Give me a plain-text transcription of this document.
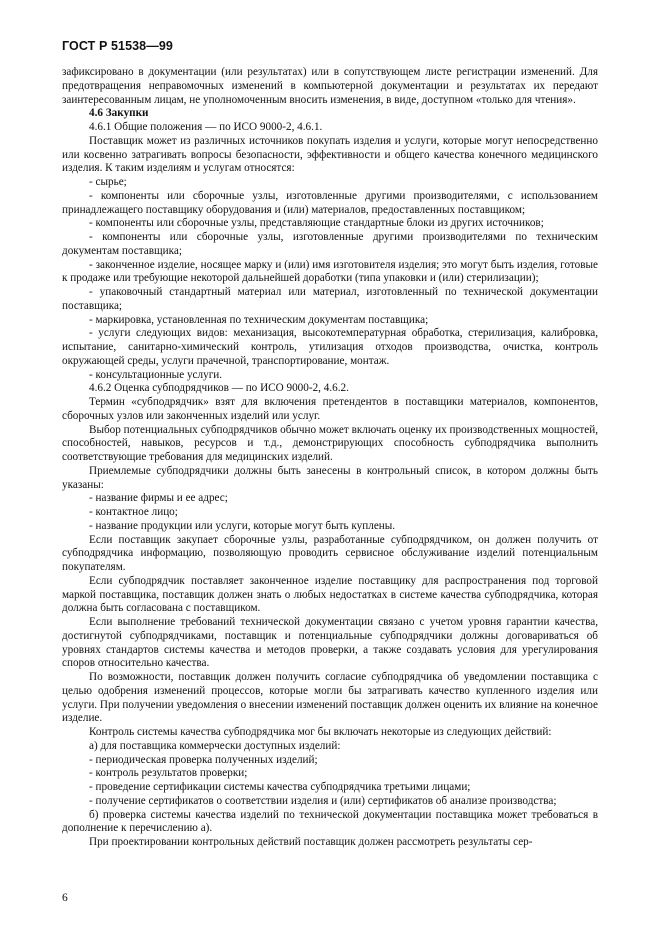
ГОСТ Р 51538—99

зафиксировано в документации (или результатах) или в сопутствующем листе регистрации изменений. Для предотвращения неправомочных изменений в компьютерной документации и результатах их передают заинтересованным лицам, не уполномоченным вносить изменения, в виде, доступном «только для чтения».

4.6 Закупки

4.6.1 Общие положения — по ИСО 9000-2, 4.6.1.

Поставщик может из различных источников покупать изделия и услуги, которые могут непосредственно или косвенно затрагивать вопросы безопасности, эффективности и общего качества конечного медицинского изделия. К таким изделиям и услугам относятся:

- сырье;

- компоненты или сборочные узлы, изготовленные другими производителями, с использованием принадлежащего поставщику оборудования и (или) материалов, предоставленных поставщиком;

- компоненты или сборочные узлы, представляющие стандартные блоки из других источников;

- компоненты или сборочные узлы, изготовленные другими производителями по техническим документам поставщика;

- законченное изделие, носящее марку и (или) имя изготовителя изделия; это могут быть изделия, готовые к продаже или требующие некоторой дальнейшей доработки (типа упаковки и (или) стерилизации);

- упаковочный стандартный материал или материал, изготовленный по технической документации поставщика;

- маркировка, установленная по техническим документам поставщика;

- услуги следующих видов: механизация, высокотемпературная обработка, стерилизация, калибровка, испытание, санитарно-химический контроль, утилизация отходов производства, очистка, контроль окружающей среды, услуги прачечной, транспортирование, монтаж.

- консультационные услуги.

4.6.2 Оценка субподрядчиков — по ИСО 9000-2, 4.6.2.

Термин «субподрядчик» взят для включения претендентов в поставщики материалов, компонентов, сборочных узлов или законченных изделий или услуг.

Выбор потенциальных субподрядчиков обычно может включать оценку их производственных мощностей, способностей, навыков, ресурсов и т.д., демонстрирующих способность субподрядчика выполнить соответствующие требования для медицинских изделий.

Приемлемые субподрядчики должны быть занесены в контрольный список, в котором должны быть указаны:

- название фирмы и ее адрес;

- контактное лицо;

- название продукции или услуги, которые могут быть куплены.

Если поставщик закупает сборочные узлы, разработанные субподрядчиком, он должен получить от субподрядчика информацию, позволяющую проводить сервисное обслуживание изделий потенциальным покупателям.

Если субподрядчик поставляет законченное изделие поставщику для распространения под торговой маркой поставщика, поставщик должен знать о любых недостатках в системе качества субподрядчика, которая должна быть согласована с поставщиком.

Если выполнение требований технической документации связано с учетом уровня гарантии качества, достигнутой субподрядчиками, поставщик и потенциальные субподрядчики должны договариваться об уровнях стандартов системы качества и методов проверки, а также создавать условия для урегулирования споров относительно качества.

По возможности, поставщик должен получить согласие субподрядчика об уведомлении поставщика с целью одобрения изменений процессов, которые могли бы затрагивать качество купленного изделия или услуги. При получении уведомления о внесении изменений поставщик должен оценить их влияние на конечное изделие.

Контроль системы качества субподрядчика мог бы включать некоторые из следующих действий:

а) для поставщика коммерчески доступных изделий:

- периодическая проверка полученных изделий;

- контроль результатов проверки;

- проведение сертификации системы качества субподрядчика третьими лицами;

- получение сертификатов о соответствии изделия и (или) сертификатов об анализе производства;

б) проверка системы качества изделий по технической документации поставщика может требоваться в дополнение к перечислению а).

При проектировании контрольных действий поставщик должен рассмотреть результаты сер-

6
